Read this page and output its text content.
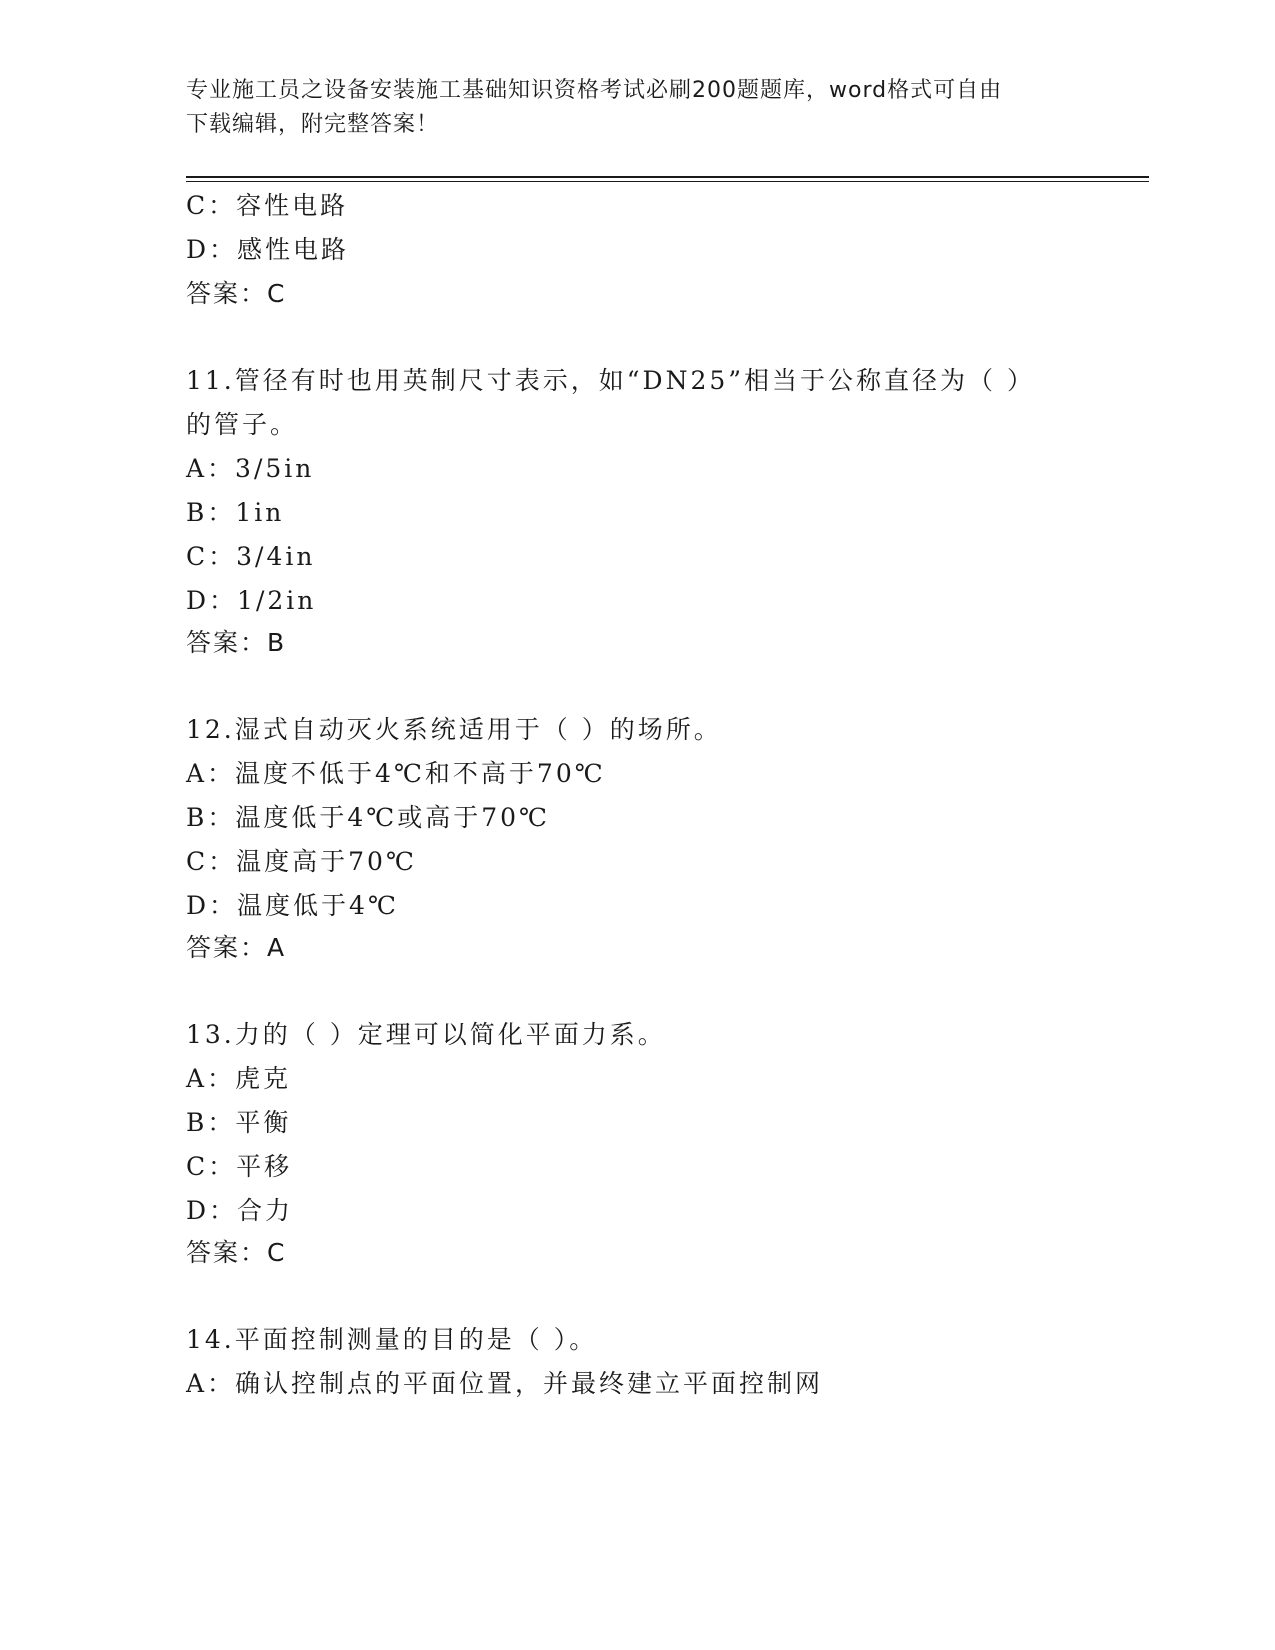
专业施工员之设备安装施工基础知识资格考试必刷200题题库，word格式可自由
下载编辑，附完整答案！
C：容性电路
D：感性电路
答案：C
11.管径有时也用英制尺寸表示，如“DN25”相当于公称直径为（ ）
的管子。
A：3/5in
B：1in
C：3/4in
D：1/2in
答案：B
12.湿式自动灭火系统适用于（ ）的场所。
A：温度不低于4℃和不高于70℃
B：温度低于4℃或高于70℃
C：温度高于70℃
D：温度低于4℃
答案：A
13.力的（ ）定理可以简化平面力系。
A：虎克
B：平衡
C：平移
D：合力
答案：C
14.平面控制测量的目的是（ ）。
A：确认控制点的平面位置，并最终建立平面控制网
